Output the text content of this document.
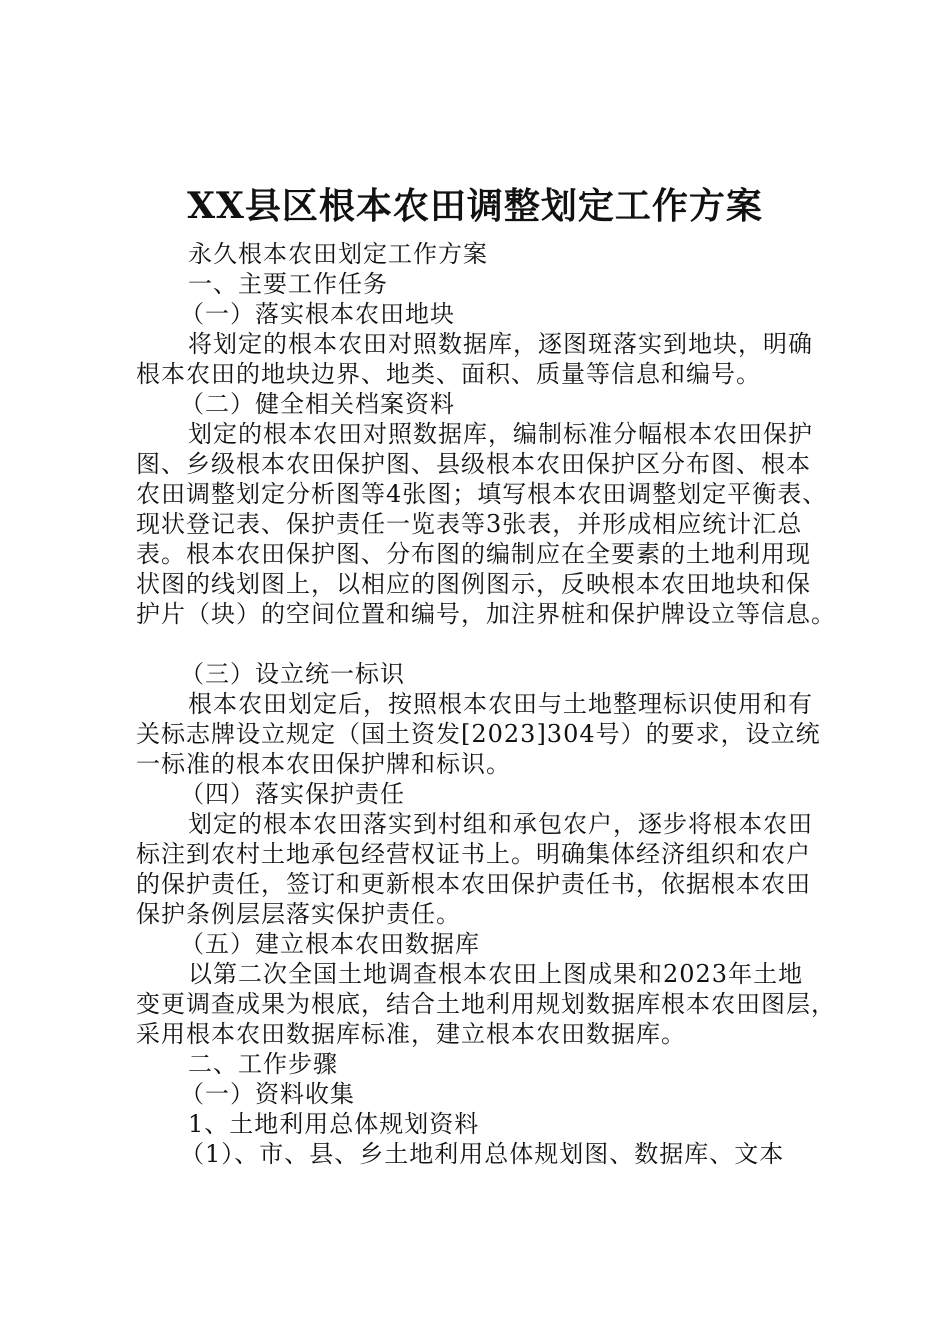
XX县区根本农田调整划定工作方案

永久根本农田划定工作方案

一、主要工作任务

（一）落实根本农田地块

将划定的根本农田对照数据库，逐图斑落实到地块，明确

根本农田的地块边界、地类、面积、质量等信息和编号。

（二）健全相关档案资料

划定的根本农田对照数据库，编制标准分幅根本农田保护

图、乡级根本农田保护图、县级根本农田保护区分布图、根本

农田调整划定分析图等4张图；填写根本农田调整划定平衡表、

现状登记表、保护责任一览表等3张表，并形成相应统计汇总

表。根本农田保护图、分布图的编制应在全要素的土地利用现

状图的线划图上，以相应的图例图示，反映根本农田地块和保

护片（块）的空间位置和编号，加注界桩和保护牌设立等信息。

（三）设立统一标识

根本农田划定后，按照根本农田与土地整理标识使用和有

关标志牌设立规定（国土资发[2023]304号）的要求，设立统

一标准的根本农田保护牌和标识。

（四）落实保护责任

划定的根本农田落实到村组和承包农户，逐步将根本农田

标注到农村土地承包经营权证书上。明确集体经济组织和农户

的保护责任，签订和更新根本农田保护责任书，依据根本农田

保护条例层层落实保护责任。

（五）建立根本农田数据库

以第二次全国土地调查根本农田上图成果和2023年土地

变更调查成果为根底，结合土地利用规划数据库根本农田图层，

采用根本农田数据库标准，建立根本农田数据库。

二、工作步骤

（一）资料收集

1、土地利用总体规划资料

（1）、市、县、乡土地利用总体规划图、数据库、文本
